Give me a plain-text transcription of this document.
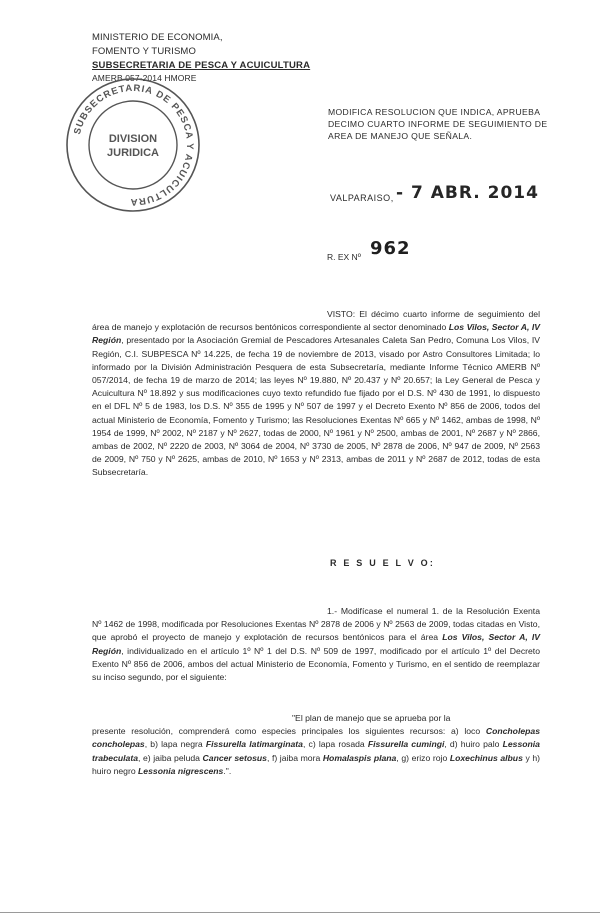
MINISTERIO DE ECONOMIA,
FOMENTO Y TURISMO
SUBSECRETARIA DE PESCA Y ACUICULTURA
AMERB 057-2014 HMORE
SUBSECRETARIA DE PESCA Y ACUICULTURA
DIVISION
JURIDICA
MODIFICA RESOLUCION QUE INDICA, APRUEBA DECIMO CUARTO INFORME DE SEGUIMIENTO DE AREA DE MANEJO QUE SEÑALA.
VALPARAISO, - 7 ABR. 2014
962
R. EX Nº
VISTO: El décimo cuarto informe de seguimiento del área de manejo y explotación de recursos bentónicos correspondiente al sector denominado Los Vilos, Sector A, IV Región, presentado por la Asociación Gremial de Pescadores Artesanales Caleta San Pedro, Comuna Los Vilos, IV Región, C.I. SUBPESCA Nº 14.225, de fecha 19 de noviembre de 2013, visado por Astro Consultores Limitada; lo informado por la División Administración Pesquera de esta Subsecretaría, mediante Informe Técnico AMERB Nº 057/2014, de fecha 19 de marzo de 2014; las leyes Nº 19.880, Nº 20.437 y Nº 20.657; la Ley General de Pesca y Acuicultura Nº 18.892 y sus modificaciones cuyo texto refundido fue fijado por el D.S. Nº 430 de 1991, lo dispuesto en el DFL Nº 5 de 1983, los D.S. Nº 355 de 1995 y Nº 507 de 1997 y el Decreto Exento Nº 856 de 2006, todos del actual Ministerio de Economía, Fomento y Turismo; las Resoluciones Exentas Nº 665 y Nº 1462, ambas de 1998, Nº 1954 de 1999, Nº 2002, Nº 2187 y Nº 2627, todas de 2000, Nº 1961 y Nº 2500, ambas de 2001, Nº 2687 y Nº 2866, ambas de 2002, Nº 2220 de 2003, Nº 3064 de 2004, Nº 3730 de 2005, Nº 2878 de 2006, Nº 947 de 2009, Nº 2563 de 2009, Nº 750 y Nº 2625, ambas de 2010, Nº 1653 y Nº 2313, ambas de 2011 y Nº 2687 de 2012, todas de esta Subsecretaría.
R E S U E L V O:
1.- Modifícase el numeral 1. de la Resolución Exenta Nº 1462 de 1998, modificada por Resoluciones Exentas Nº 2878 de 2006 y Nº 2563 de 2009, todas citadas en Visto, que aprobó el proyecto de manejo y explotación de recursos bentónicos para el área Los Vilos, Sector A, IV Región, individualizado en el artículo 1º Nº 1 del D.S. Nº 509 de 1997, modificado por el artículo 1º del Decreto Exento Nº 856 de 2006, ambos del actual Ministerio de Economía, Fomento y Turismo, en el sentido de reemplazar su inciso segundo, por el siguiente:
"El plan de manejo que se aprueba por la
presente resolución, comprenderá como especies principales los siguientes recursos: a) loco Concholepas concholepas, b) lapa negra Fissurella latimarginata, c) lapa rosada Fissurella cumingi, d) huiro palo Lessonia trabeculata, e) jaiba peluda Cancer setosus, f) jaiba mora Homalaspis plana, g) erizo rojo Loxechinus albus y h) huiro negro Lessonia nigrescens.".
